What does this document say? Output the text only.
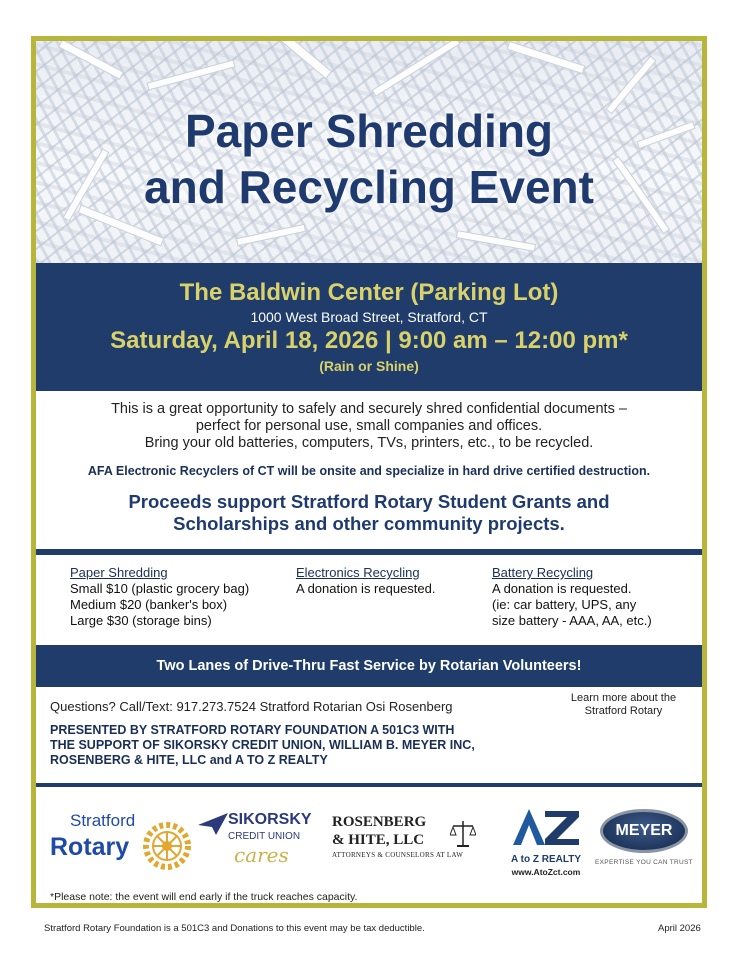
Paper Shredding
and Recycling Event
The Baldwin Center (Parking Lot)
1000 West Broad Street, Stratford, CT
Saturday, April 18, 2026 | 9:00 am – 12:00 pm*
(Rain or Shine)
This is a great opportunity to safely and securely shred confidential documents –
perfect for personal use, small companies and offices.
Bring your old batteries, computers, TVs, printers, etc., to be recycled.
AFA Electronic Recyclers of CT will be onsite and specialize in hard drive certified destruction.
Proceeds support Stratford Rotary Student Grants and
Scholarships and other community projects.
Paper Shredding
Small $10 (plastic grocery bag)
Medium $20 (banker's box)
Large $30 (storage bins)
Electronics Recycling
A donation is requested.
Battery Recycling
A donation is requested.
(ie: car battery, UPS, any
size battery - AAA, AA, etc.)
Two Lanes of Drive-Thru Fast Service by Rotarian Volunteers!
Questions? Call/Text: 917.273.7524 Stratford Rotarian Osi Rosenberg
Learn more about the
Stratford Rotary
PRESENTED BY STRATFORD ROTARY FOUNDATION A 501C3 WITH
THE SUPPORT OF SIKORSKY CREDIT UNION, WILLIAM B. MEYER INC,
ROSENBERG & HITE, LLC and A TO Z REALTY
Stratford
Rotary
SIKORSKY
CREDIT UNION
cares
ROSENBERG
& HITE, LLC
ATTORNEYS & COUNSELORS AT LAW	A to Z REALTY
www.AtoZct.com
MEYER
EXPERTISE YOU CAN TRUST
*Please note: the event will end early if the truck reaches capacity.
Stratford Rotary Foundation is a 501C3 and Donations to this event may be tax deductible.	April 2026
